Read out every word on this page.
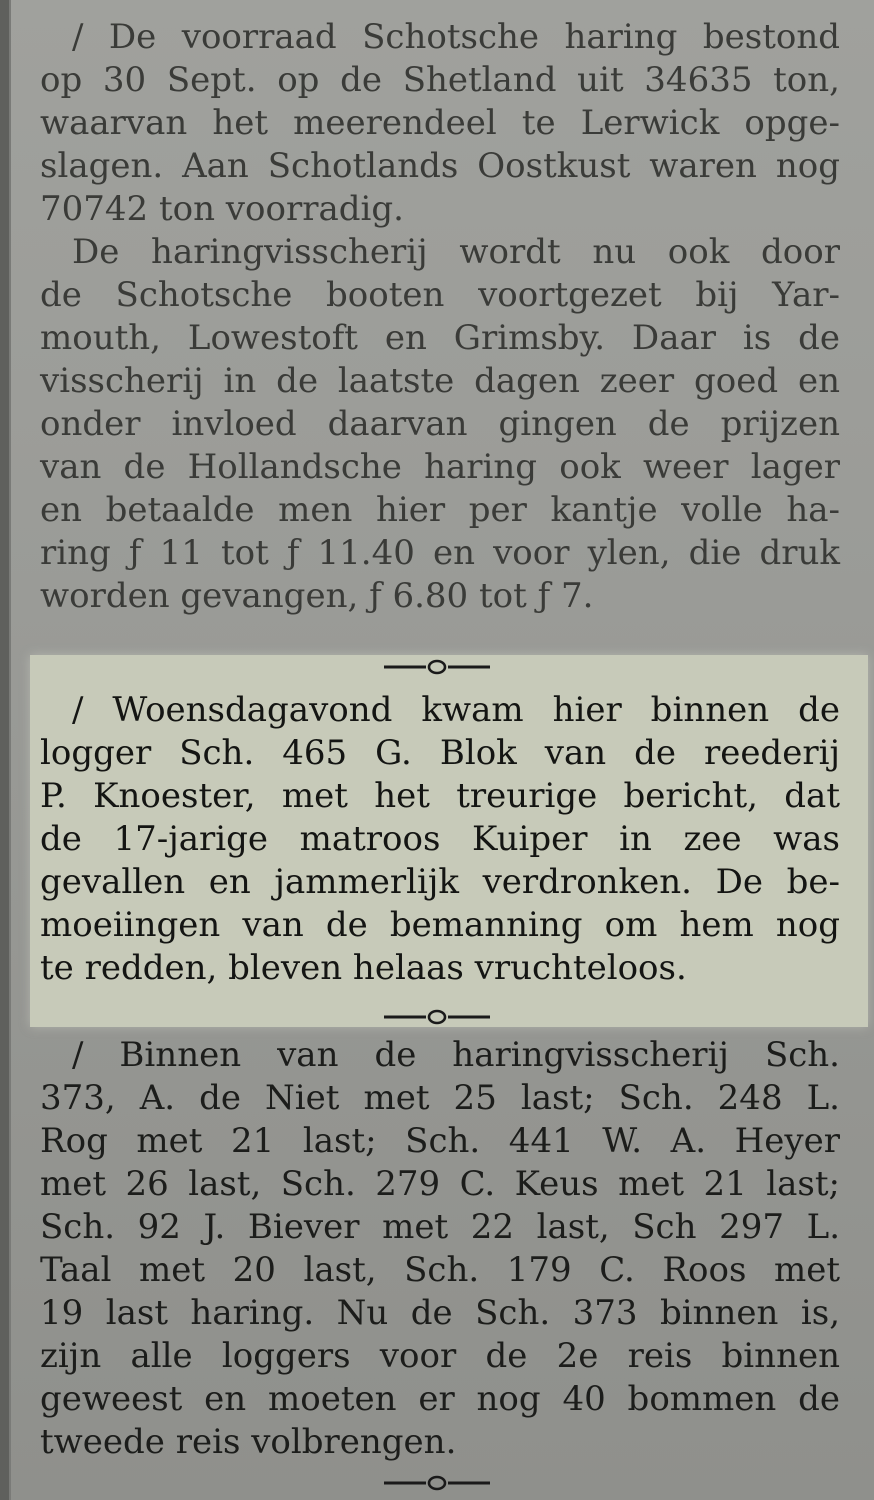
/ De voorraad Schotsche haring bestond
op 30 Sept. op de Shetland uit 34635 ton,
waarvan het meerendeel te Lerwick opge-
slagen. Aan Schotlands Oostkust waren nog
70742 ton voorradig.
De haringvisscherij wordt nu ook door
de Schotsche booten voortgezet bij Yar-
mouth, Lowestoft en Grimsby. Daar is de
visscherij in de laatste dagen zeer goed en
onder invloed daarvan gingen de prijzen
van de Hollandsche haring ook weer lager
en betaalde men hier per kantje volle ha-
ring ƒ 11 tot ƒ 11.40 en voor ylen, die druk
worden gevangen, ƒ 6.80 tot ƒ 7.
/ Woensdagavond kwam hier binnen de
logger Sch. 465 G. Blok van de reederij
P. Knoester, met het treurige bericht, dat
de 17-jarige matroos Kuiper in zee was
gevallen en jammerlijk verdronken. De be-
moeiingen van de bemanning om hem nog
te redden, bleven helaas vruchteloos.
/ Binnen van de haringvisscherij Sch.
373, A. de Niet met 25 last; Sch. 248 L.
Rog met 21 last; Sch. 441 W. A. Heyer
met 26 last, Sch. 279 C. Keus met 21 last;
Sch. 92 J. Biever met 22 last, Sch 297 L.
Taal met 20 last, Sch. 179 C. Roos met
19 last haring. Nu de Sch. 373 binnen is,
zijn alle loggers voor de 2e reis binnen
geweest en moeten er nog 40 bommen de
tweede reis volbrengen.
